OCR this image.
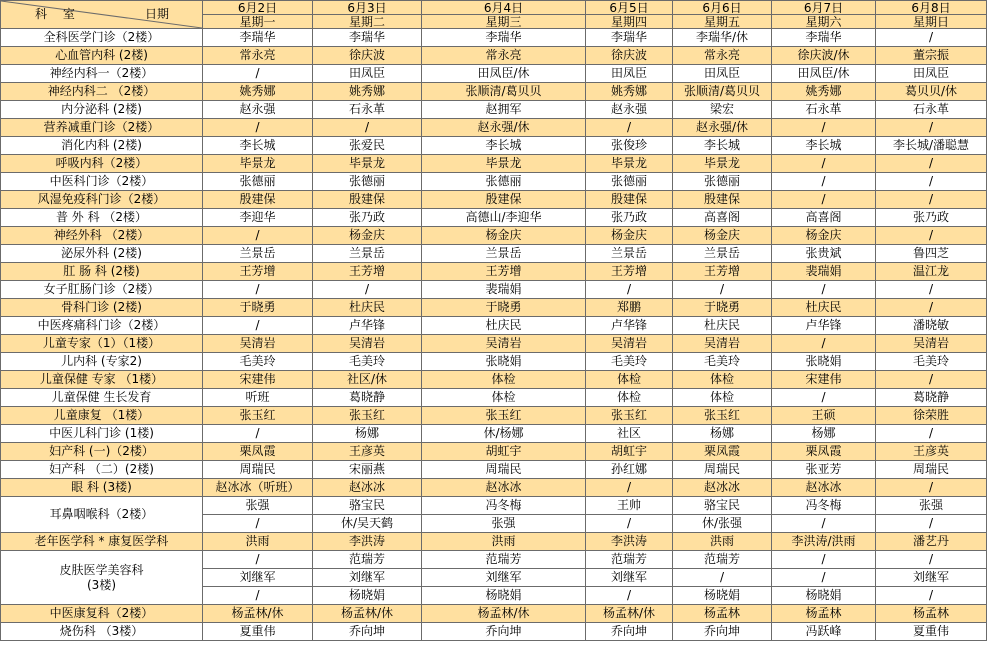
科 室 日期	6月2日	6月3日	6月4日	6月5日	6月6日	6月7日	6月8日
	星期一	星期二	星期三	星期四	星期五	星期六	星期日
全科医学门诊（2楼）	李瑞华	李瑞华	李瑞华	李瑞华	李瑞华/休	李瑞华	/
心血管内科 (2楼)	常永亮	徐庆波	常永亮	徐庆波	常永亮	徐庆波/休	董宗振
神经内科一（2楼）	/	田凤臣	田凤臣/休	田凤臣	田凤臣	田凤臣/休	田凤臣
神经内科二 （2楼）	姚秀娜	姚秀娜	张顺清/葛贝贝	姚秀娜	张顺清/葛贝贝	姚秀娜	葛贝贝/休
内分泌科 (2楼)	赵永强	石永革	赵拥军	赵永强	梁宏	石永革	石永革
营养减重门诊（2楼）	/	/	赵永强/休	/	赵永强/休	/	/
消化内科 (2楼)	李长城	张爱民	李长城	张俊珍	李长城	李长城	李长城/潘聪慧
呼吸内科（2楼）	毕景龙	毕景龙	毕景龙	毕景龙	毕景龙	/	/
中医科门诊（2楼）	张德丽	张德丽	张德丽	张德丽	张德丽	/	/
风湿免疫科门诊（2楼）	殷建保	殷建保	殷建保	殷建保	殷建保	/	/
普 外 科 （2楼）	李迎华	张乃政	高德山/李迎华	张乃政	高喜阁	高喜阁	张乃政
神经外科 （2楼）	/	杨金庆	杨金庆	杨金庆	杨金庆	杨金庆	/
泌尿外科 (2楼)	兰景岳	兰景岳	兰景岳	兰景岳	兰景岳	张贵斌	鲁四芝
肛 肠 科 (2楼)	王芳增	王芳增	王芳增	王芳增	王芳增	裴瑞娟	温江龙
女子肛肠门诊（2楼）	/	/	裴瑞娟	/	/	/	/
骨科门诊 (2楼)	于晓勇	杜庆民	于晓勇	郑鹏	于晓勇	杜庆民	/
中医疼痛科门诊（2楼）	/	卢华锋	杜庆民	卢华锋	杜庆民	卢华锋	潘晓敏
儿童专家（1）（1楼）	吴清岩	吴清岩	吴清岩	吴清岩	吴清岩	/	吴清岩
儿内科 (专家2)	毛美玲	毛美玲	张晓娟	毛美玲	毛美玲	张晓娟	毛美玲
儿童保健 专家 （1楼）	宋建伟	社区/休	体检	体检	体检	宋建伟	/
儿童保健 生长发育	听班	葛晓静	体检	体检	体检	/	葛晓静
儿童康复 （1楼）	张玉红	张玉红	张玉红	张玉红	张玉红	王硕	徐荣胜
中医儿科门诊 (1楼)	/	杨娜	休/杨娜	社区	杨娜	杨娜	/
妇产科 (一)（2楼）	栗凤霞	王彦英	胡虹宇	胡虹宇	栗凤霞	栗凤霞	王彦英
妇产科 （二）(2楼)	周瑞民	宋丽燕	周瑞民	孙红娜	周瑞民	张亚芳	周瑞民
眼 科 (3楼)	赵冰冰（听班）	赵冰冰	赵冰冰	/	赵冰冰	赵冰冰	/
耳鼻咽喉科（2楼）	张强	骆宝民	冯冬梅	王帅	骆宝民	冯冬梅	张强
	/	休/吴天鹤	张强	/	休/张强	/	/
老年医学科 * 康复医学科	洪雨	李洪涛	洪雨	李洪涛	洪雨	李洪涛/洪雨	潘艺丹

皮肤医学美容科
(3楼)	/	范瑞芳	范瑞芳	范瑞芳	范瑞芳	/	/
	刘继军	刘继军	刘继军	刘继军	/	/	刘继军
	/	杨晓娟	杨晓娟	/	杨晓娟	杨晓娟	/
中医康复科（2楼）	杨孟林/休	杨孟林/休	杨孟林/休	杨孟林/休	杨孟林	杨孟林	杨孟林
烧伤科 （3楼）	夏重伟	乔向坤	乔向坤	乔向坤	乔向坤	冯跃峰	夏重伟
